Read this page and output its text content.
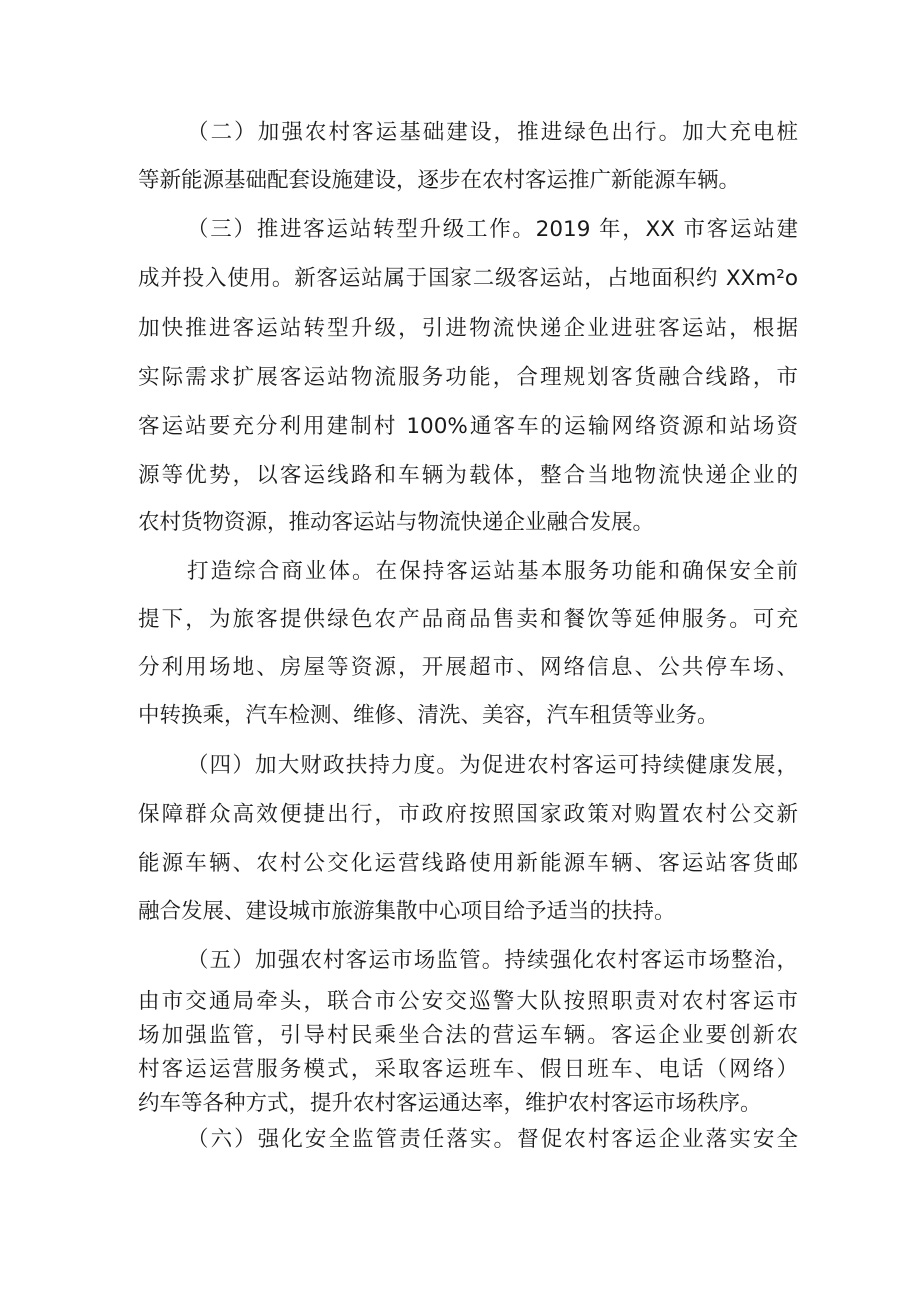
（二）加强农村客运基础建设，推进绿色出行。加大充电桩
等新能源基础配套设施建设，逐步在农村客运推广新能源车辆。
（三）推进客运站转型升级工作。2019 年，XX 市客运站建
成并投入使用。新客运站属于国家二级客运站，占地面积约 XXm²o
加快推进客运站转型升级，引进物流快递企业进驻客运站，根据
实际需求扩展客运站物流服务功能，合理规划客货融合线路，市
客运站要充分利用建制村 100%通客车的运输网络资源和站场资
源等优势，以客运线路和车辆为载体，整合当地物流快递企业的
农村货物资源，推动客运站与物流快递企业融合发展。
打造综合商业体。在保持客运站基本服务功能和确保安全前
提下，为旅客提供绿色农产品商品售卖和餐饮等延伸服务。可充
分利用场地、房屋等资源，开展超市、网络信息、公共停车场、
中转换乘，汽车检测、维修、清洗、美容，汽车租赁等业务。
（四）加大财政扶持力度。为促进农村客运可持续健康发展，
保障群众高效便捷出行，市政府按照国家政策对购置农村公交新
能源车辆、农村公交化运营线路使用新能源车辆、客运站客货邮
融合发展、建设城市旅游集散中心项目给予适当的扶持。
（五）加强农村客运市场监管。持续强化农村客运市场整治，
由市交通局牵头，联合市公安交巡警大队按照职责对农村客运市
场加强监管，引导村民乘坐合法的营运车辆。客运企业要创新农
村客运运营服务模式，采取客运班车、假日班车、电话（网络）
约车等各种方式，提升农村客运通达率，维护农村客运市场秩序。
（六）强化安全监管责任落实。督促农村客运企业落实安全
